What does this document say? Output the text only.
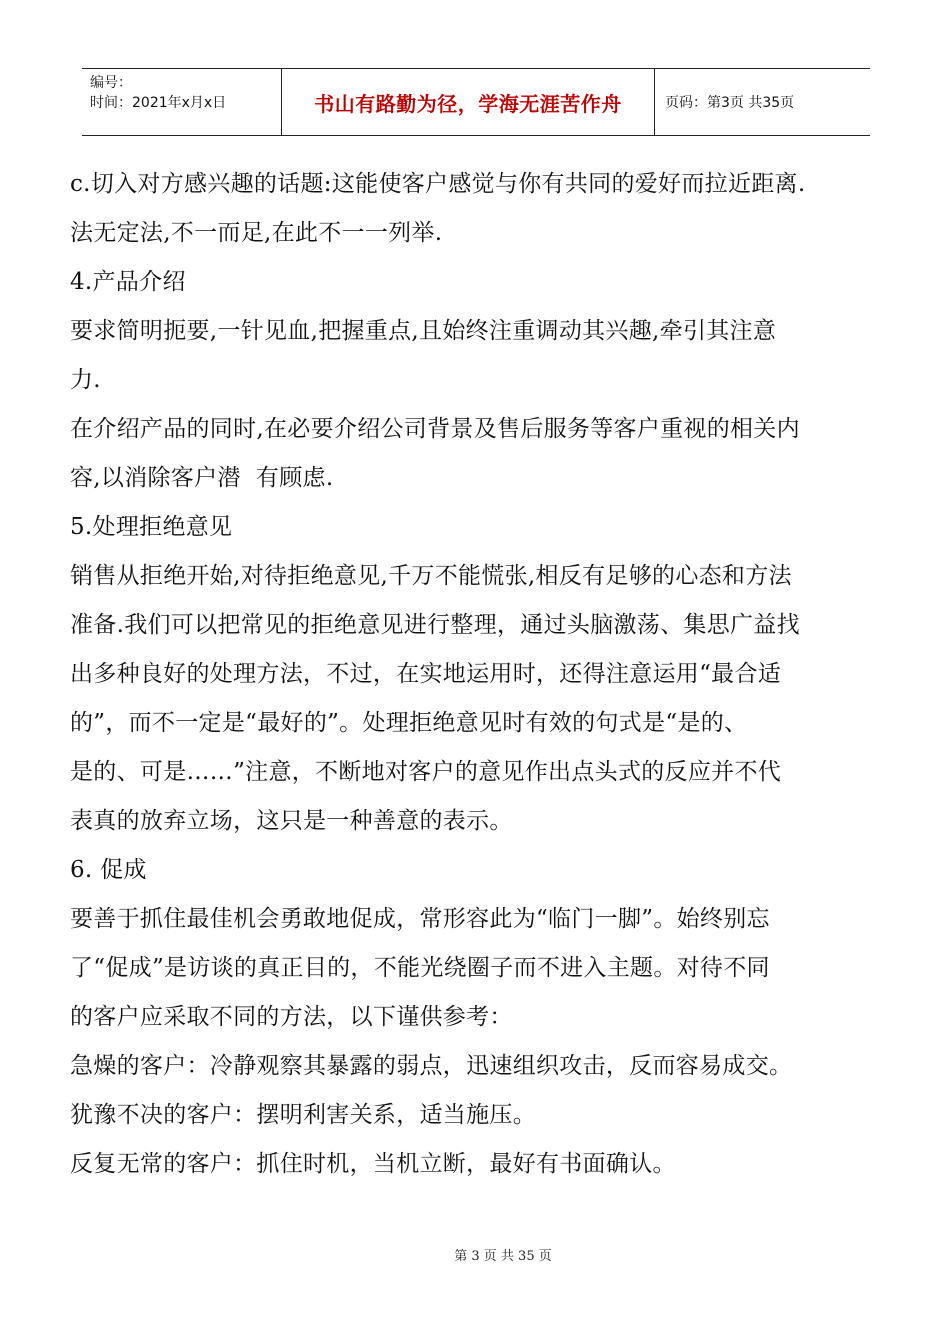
编号：
时间：2021年x月x日	书山有路勤为径，学海无涯苦作舟	页码：第3页 共35页

c.切入对方感兴趣的话题:这能使客户感觉与你有共同的爱好而拉近距离.

法无定法,不一而足,在此不一一列举.

4.产品介绍

要求简明扼要,一针见血,把握重点,且始终注重调动其兴趣,牵引其注意

力.

在介绍产品的同时,在必要介绍公司背景及售后服务等客户重视的相关内

容,以消除客户潜  有顾虑.

5.处理拒绝意见

销售从拒绝开始,对待拒绝意见,千万不能慌张,相反有足够的心态和方法

准备.我们可以把常见的拒绝意见进行整理，通过头脑激荡、集思广益找

出多种良好的处理方法，不过，在实地运用时，还得注意运用“最合适

的”，而不一定是“最好的”。处理拒绝意见时有效的句式是“是的、

是的、可是……”注意，不断地对客户的意见作出点头式的反应并不代

表真的放弃立场，这只是一种善意的表示。

6. 促成

要善于抓住最佳机会勇敢地促成，常形容此为“临门一脚”。始终别忘

了“促成”是访谈的真正目的，不能光绕圈子而不进入主题。对待不同

的客户应采取不同的方法，以下谨供参考：

急燥的客户：冷静观察其暴露的弱点，迅速组织攻击，反而容易成交。

犹豫不决的客户：摆明利害关系，适当施压。

反复无常的客户：抓住时机，当机立断，最好有书面确认。

第 3 页 共 35 页
